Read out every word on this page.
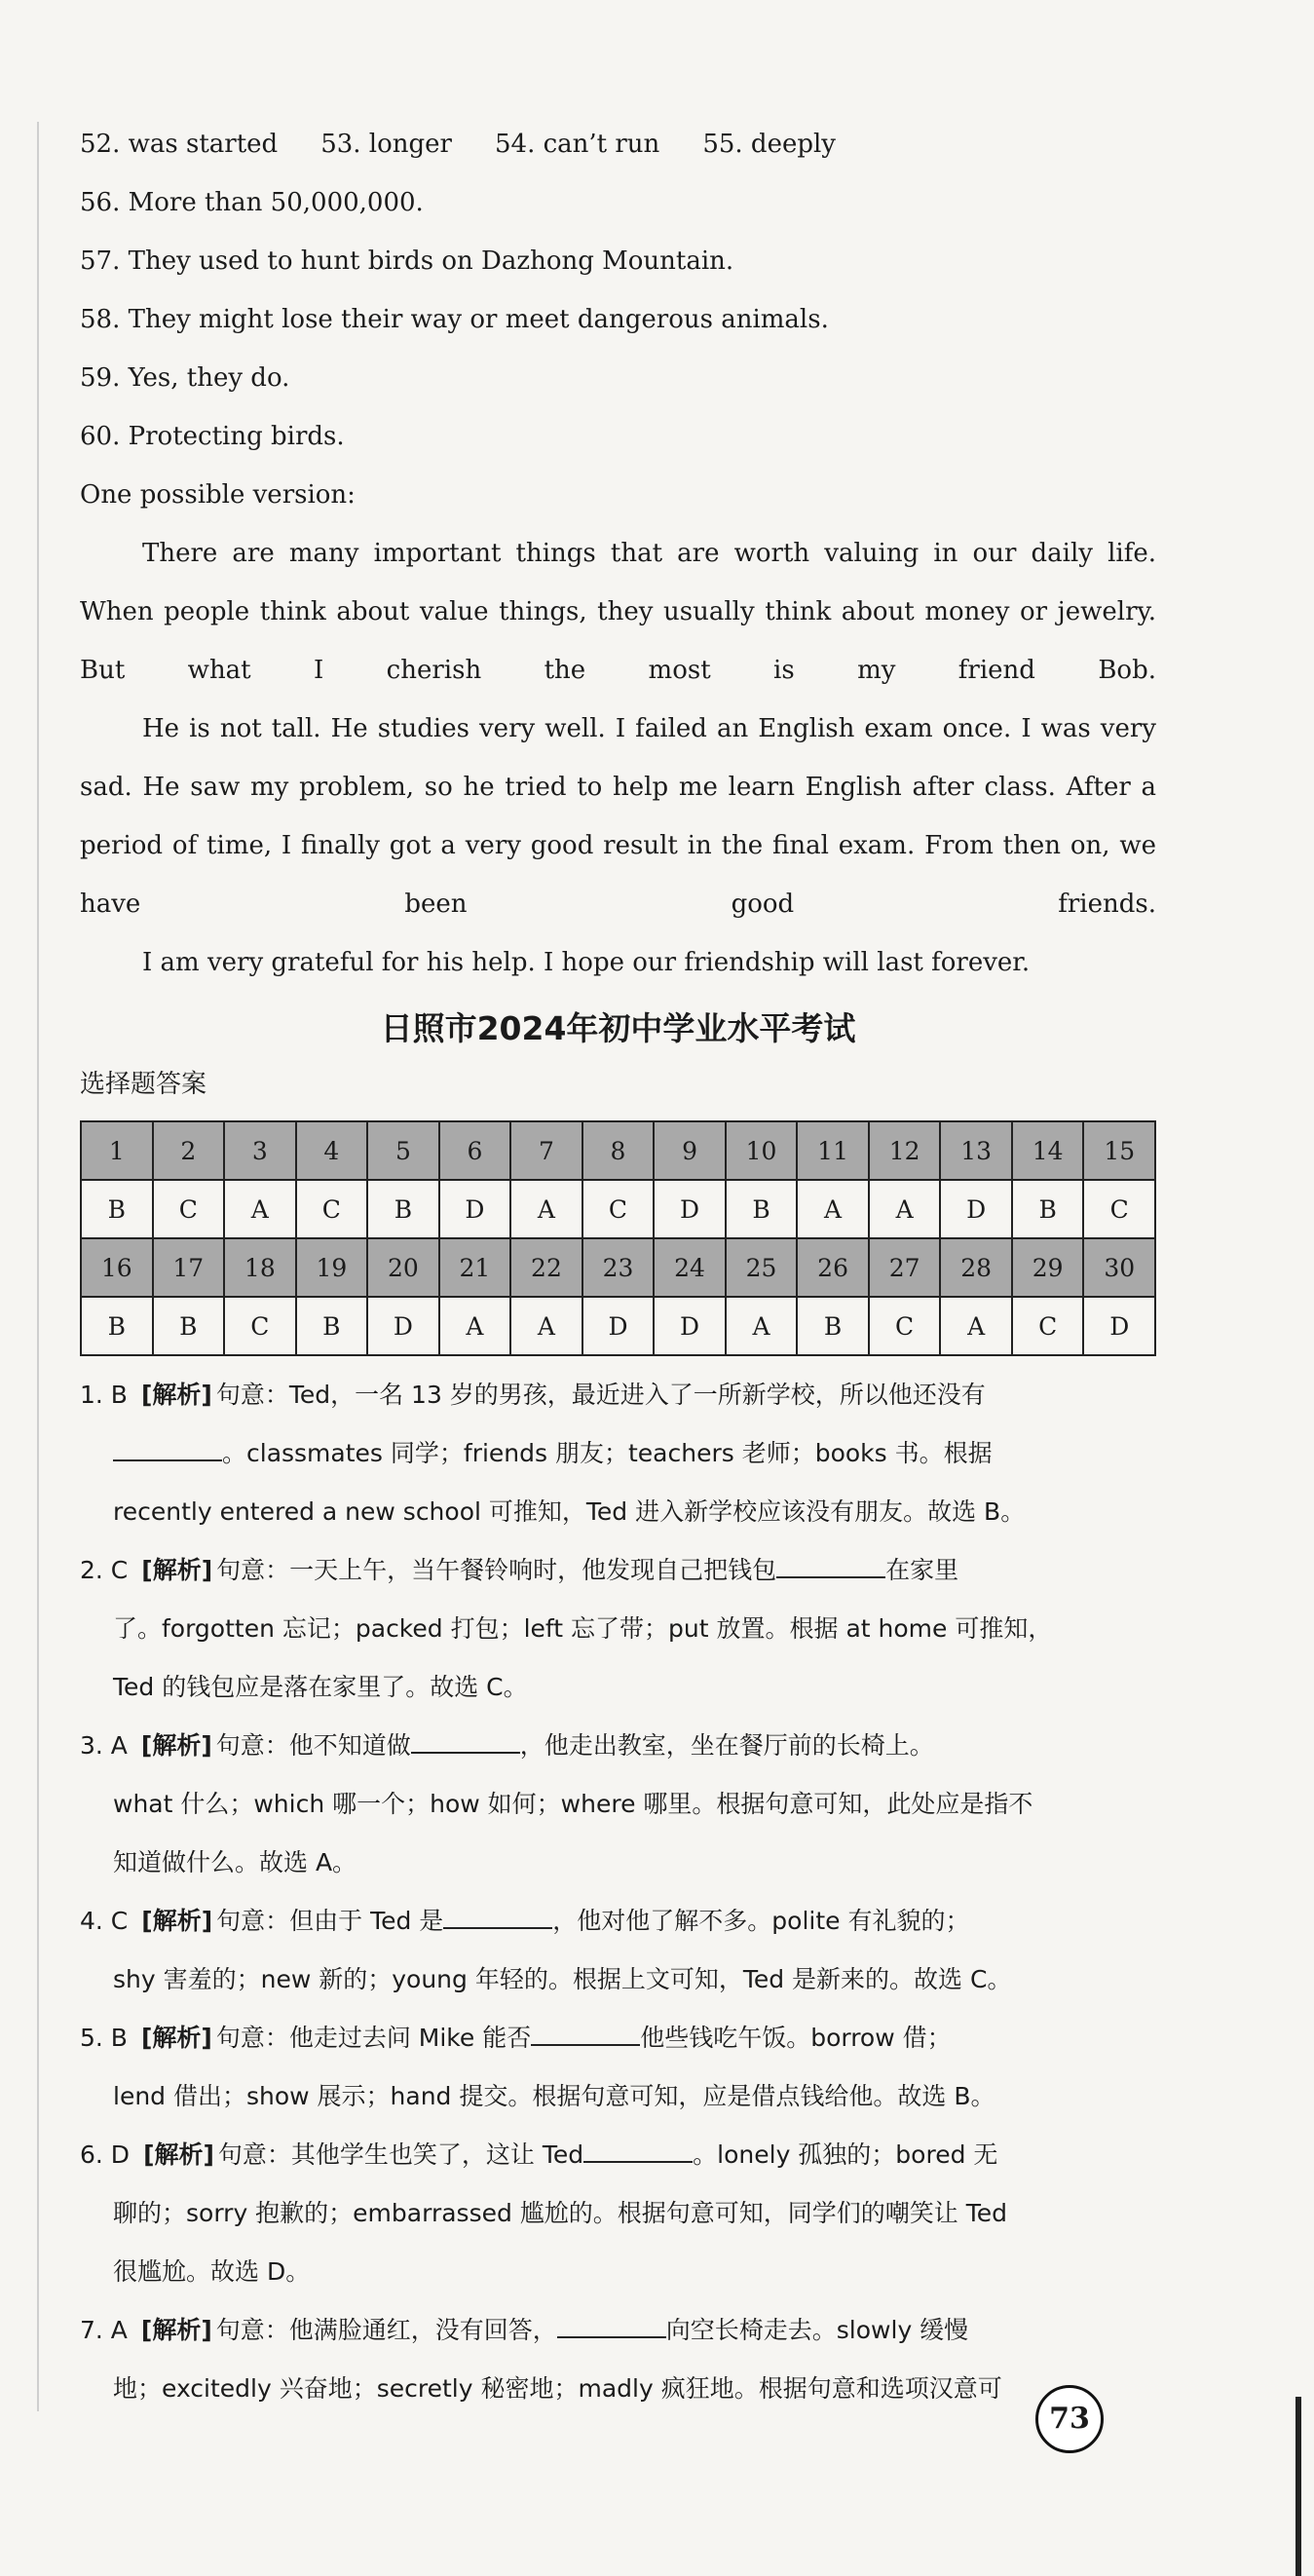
52. was started 53. longer 54. can’t run 55. deeply
56. More than 50,000,000.
57. They used to hunt birds on Dazhong Mountain.
58. They might lose their way or meet dangerous animals.
59. Yes, they do.
60. Protecting birds.
One possible version:
There are many important things that are worth valuing in our daily life. When people think about value things, they usually think about money or jewelry. But what I cherish the most is my friend Bob.
He is not tall. He studies very well. I failed an English exam once. I was very sad. He saw my problem, so he tried to help me learn English after class. After a period of time, I finally got a very good result in the final exam. From then on, we have been good friends.
I am very grateful for his help. I hope our friendship will last forever.
日照市2024年初中学业水平考试
选择题答案
1	2	3	4	5	6	7	8	9	10	11	12	13	14	15
B	C	A	C	B	D	A	C	D	B	A	A	D	B	C
16	17	18	19	20	21	22	23	24	25	26	27	28	29	30
B	B	C	B	D	A	A	D	D	A	B	C	A	C	D
1. B [解析] 句意：Ted，一名 13 岁的男孩，最近进入了一所新学校，所以他还没有
。classmates 同学；friends 朋友；teachers 老师；books 书。根据
recently entered a new school 可推知，Ted 进入新学校应该没有朋友。故选 B。
2. C [解析] 句意：一天上午，当午餐铃响时，他发现自己把钱包	在家里
了。forgotten 忘记；packed 打包；left 忘了带；put 放置。根据 at home 可推知，
Ted 的钱包应是落在家里了。故选 C。
3. A [解析] 句意：他不知道做	，他走出教室，坐在餐厅前的长椅上。
what 什么；which 哪一个；how 如何；where 哪里。根据句意可知，此处应是指不
知道做什么。故选 A。
4. C [解析] 句意：但由于 Ted 是	，他对他了解不多。polite 有礼貌的；
shy 害羞的；new 新的；young 年轻的。根据上文可知，Ted 是新来的。故选 C。
5. B [解析] 句意：他走过去问 Mike 能否	他些钱吃午饭。borrow 借；
lend 借出；show 展示；hand 提交。根据句意可知，应是借点钱给他。故选 B。
6. D [解析] 句意：其他学生也笑了，这让 Ted	。lonely 孤独的；bored 无
聊的；sorry 抱歉的；embarrassed 尴尬的。根据句意可知，同学们的嘲笑让 Ted
很尴尬。故选 D。
7. A [解析] 句意：他满脸通红，没有回答，	向空长椅走去。slowly 缓慢
地；excitedly 兴奋地；secretly 秘密地；madly 疯狂地。根据句意和选项汉意可
73
